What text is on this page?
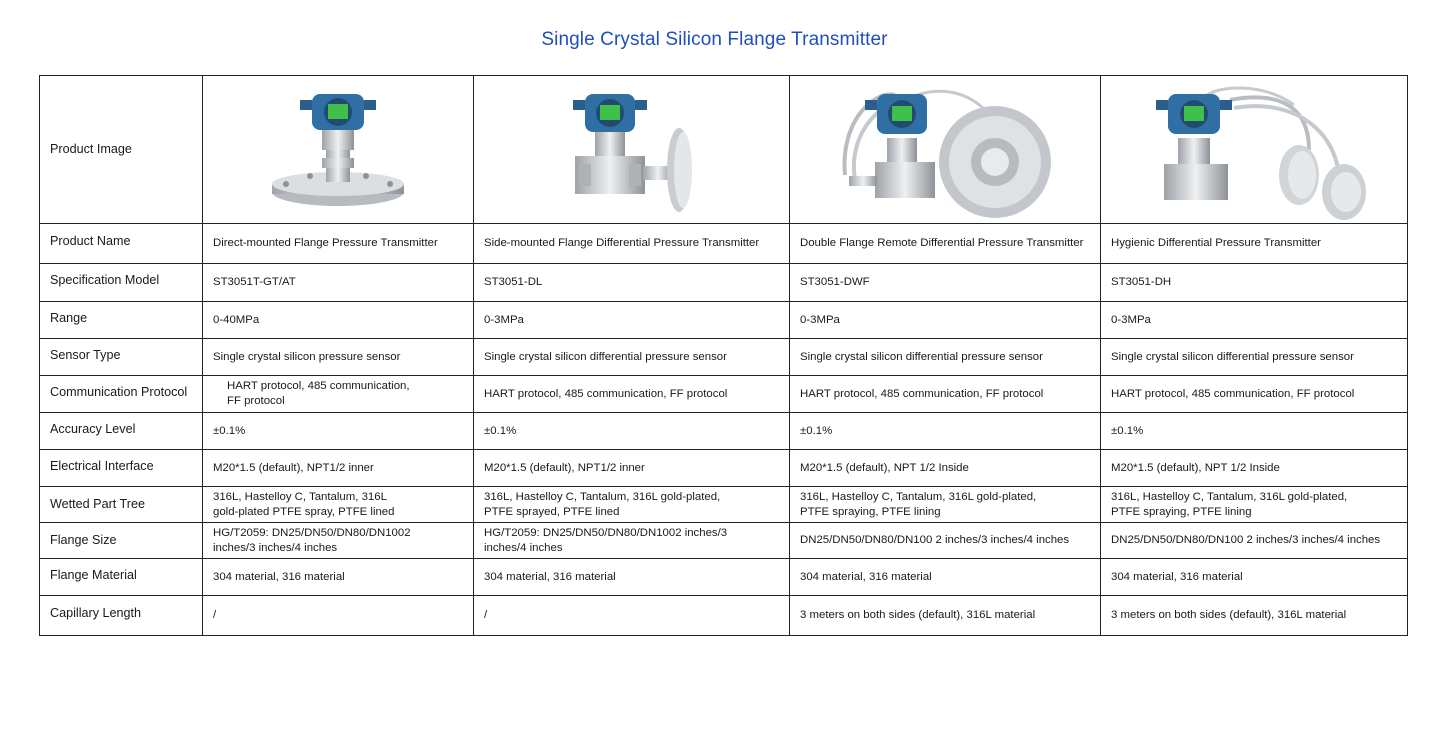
Single Crystal Silicon Flange Transmitter
Product Image	

Product Name	Direct-mounted Flange Pressure Transmitter	Side-mounted Flange Differential Pressure Transmitter	Double Flange Remote Differential Pressure Transmitter	Hygienic Differential Pressure Transmitter
Specification Model	ST3051T-GT/AT	ST3051-DL	ST3051-DWF	ST3051-DH
Range	0-40MPa	0-3MPa	0-3MPa	0-3MPa
Sensor Type	Single crystal silicon pressure sensor	Single crystal silicon differential pressure sensor	Single crystal silicon differential pressure sensor	Single crystal silicon differential pressure sensor
Communication Protocol	HART protocol, 485 communication, FF protocol	HART protocol, 485 communication, FF protocol	HART protocol, 485 communication, FF protocol	HART protocol, 485 communication, FF protocol
Accuracy Level	±0.1%	±0.1%	±0.1%	±0.1%
Electrical Interface	M20*1.5 (default), NPT1/2 inner	M20*1.5 (default), NPT1/2 inner	M20*1.5 (default), NPT 1/2 Inside	M20*1.5 (default), NPT 1/2 Inside
Wetted Part Tree	316L, Hastelloy C, Tantalum, 316L gold-plated PTFE spray, PTFE lined	316L, Hastelloy C, Tantalum, 316L gold-plated, PTFE sprayed, PTFE lined	316L, Hastelloy C, Tantalum, 316L gold-plated, PTFE spraying, PTFE lining	316L, Hastelloy C, Tantalum, 316L gold-plated, PTFE spraying, PTFE lining
Flange Size	HG/T2059: DN25/DN50/DN80/DN1002 inches/3 inches/4 inches	HG/T2059: DN25/DN50/DN80/DN1002 inches/3 inches/4 inches	DN25/DN50/DN80/DN100 2 inches/3 inches/4 inches	DN25/DN50/DN80/DN100 2 inches/3 inches/4 inches
Flange Material	304 material, 316 material	304 material, 316 material	304 material, 316 material	304 material, 316 material
Capillary Length	/	/	3 meters on both sides (default), 316L material	3 meters on both sides (default), 316L material
